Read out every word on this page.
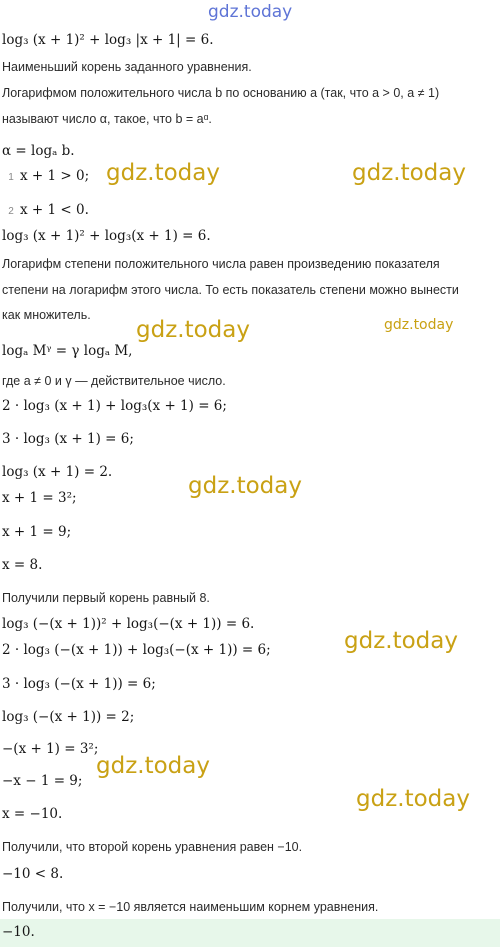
gdz.today
log₃ (x + 1)² + log₃ |x + 1| = 6.
Наименьший корень заданного уравнения.
Логарифмом положительного числа b по основанию a (так, что a > 0, a ≠ 1)
называют число α, такое, что b = aᵅ.
α = logₐ b.
1 x + 1 > 0;
2 x + 1 < 0.
log₃ (x + 1)² + log₃(x + 1) = 6.
Логарифм степени положительного числа равен произведению показателя
степени на логарифм этого числа. То есть показатель степени можно вынести
как множитель.
logₐ Mᵞ = γ logₐ M,
где a ≠ 0 и γ — действительное число.
2 · log₃ (x + 1) + log₃(x + 1) = 6;
3 · log₃ (x + 1) = 6;
log₃ (x + 1) = 2.
x + 1 = 3²;
x + 1 = 9;
x = 8.
Получили первый корень равный 8.
log₃ (−(x + 1))² + log₃(−(x + 1)) = 6.
2 · log₃ (−(x + 1)) + log₃(−(x + 1)) = 6;
3 · log₃ (−(x + 1)) = 6;
log₃ (−(x + 1)) = 2;
−(x + 1) = 3²;
−x − 1 = 9;
x = −10.
Получили, что второй корень уравнения равен −10.
−10 < 8.
Получили, что x = −10 является наименьшим корнем уравнения.
−10.
gdz.today	gdz.today
gdz.today	gdz.today
gdz.today
gdz.today
gdz.today
gdz.today
